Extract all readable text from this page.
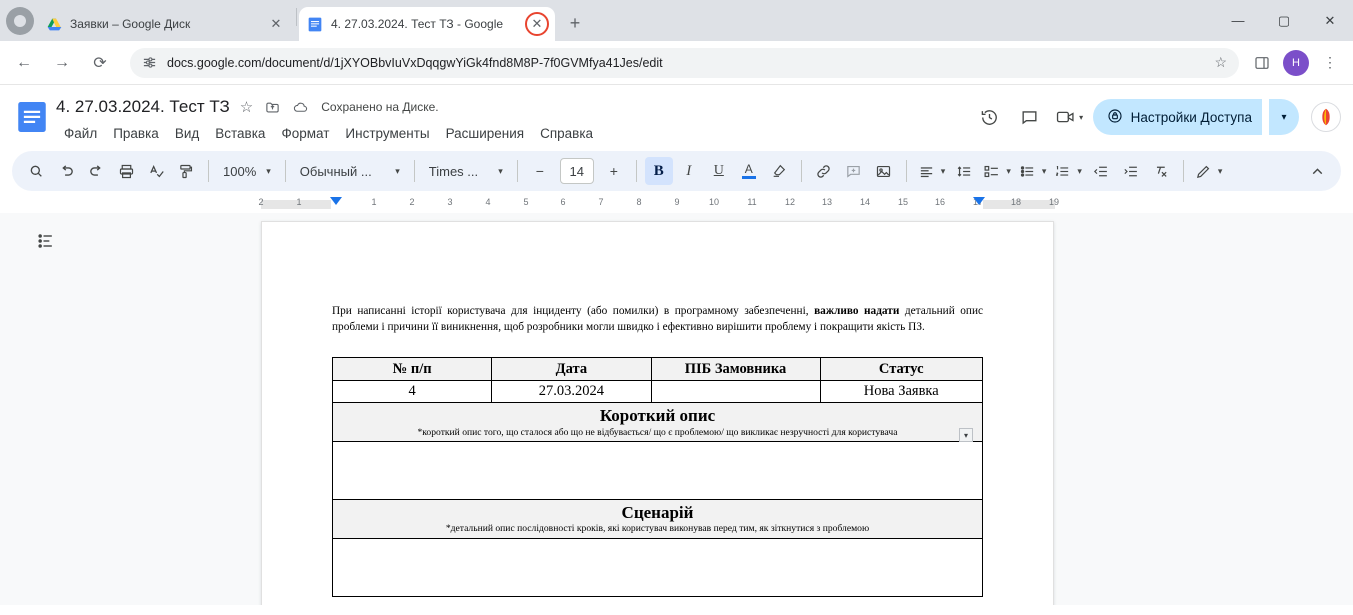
Заявки – Google Диск	✕	4. 27.03.2024. Тест ТЗ - Google	✕	+	—	▢	✕
←	→	⟳	docs.google.com/document/d/1jXYOBbvIuVxDqqgwYiGk4fnd8M8P-7f0GVMfya41Jes/edit	☆	H	⋮
4. 27.03.2024. Тест ТЗ ☆	Сохранено на Диске.
Файл	Правка	Вид	Вставка	Формат	Инструменты	Расширения	Справка
▾	Настройки Доступа	▾
100% ▾ Обычный ...	▾ Times ... ▾	−	14	+	B	I	U	A	▾	▾	▾	▾	▾
2	1	1	2	3	4	5	6	7	8	9	10	11	12	13	14	15	16	17	18	19

При написанні історії користувача для інциденту (або помилки) в програмному забезпеченні, важливо надати детальний опис проблеми і причини її виникнення, щоб розробники могли швидко і ефективно вирішити проблему і покращити якість ПЗ.

№ п/п	Дата	ПІБ Замовника	Статус
4	27.03.2024		Нова Заявка

Короткий опис
*короткий опис того, що сталося або що не відбувається/ що є проблемою/ що викликає незручності для користувача			

▾			

Сценарій
*детальний опис послідовності кроків, які користувач виконував перед тим, як зіткнутися з проблемою			
